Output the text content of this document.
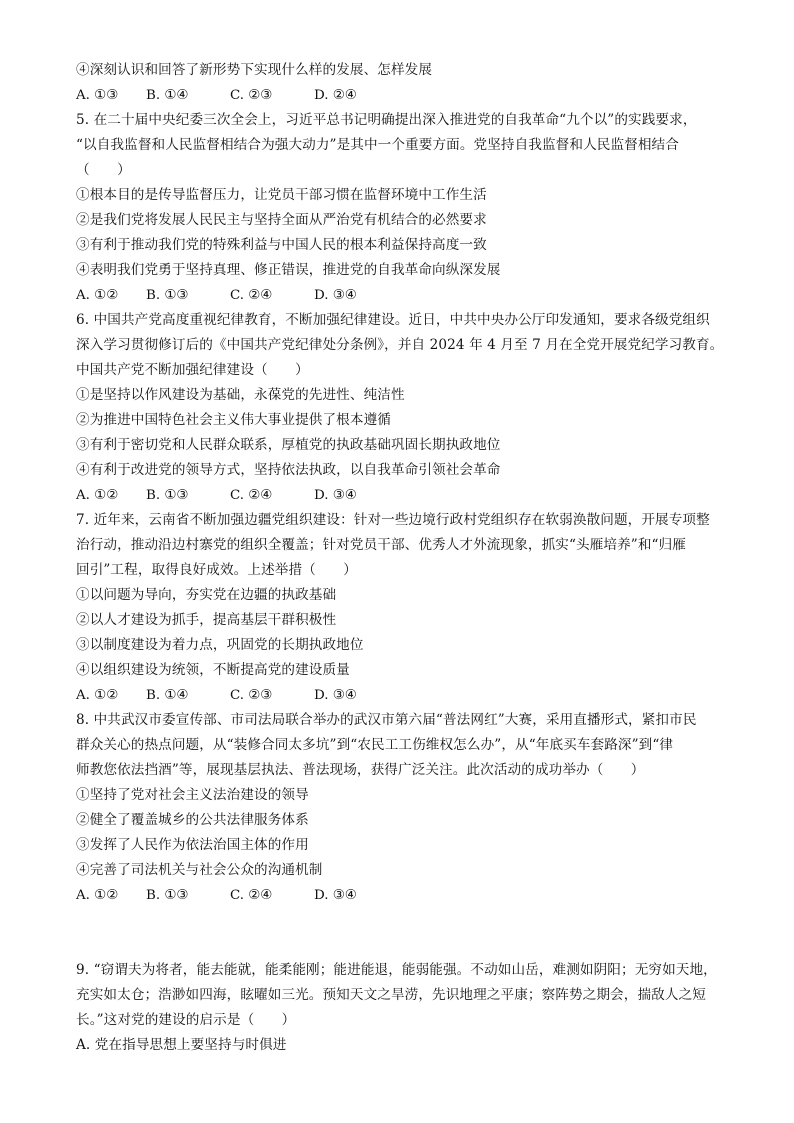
④深刻认识和回答了新形势下实现什么样的发展、怎样发展
A. ①③ B. ①④	C. ②③	D. ②④
5. 在二十届中央纪委三次全会上，习近平总书记明确提出深入推进党的自我革命“九个以”的实践要求，
“以自我监督和人民监督相结合为强大动力”是其中一个重要方面。党坚持自我监督和人民监督相结合
（　　）
①根本目的是传导监督压力，让党员干部习惯在监督环境中工作生活
②是我们党将发展人民民主与坚持全面从严治党有机结合的必然要求
③有利于推动我们党的特殊利益与中国人民的根本利益保持高度一致
④表明我们党勇于坚持真理、修正错误，推进党的自我革命向纵深发展
A. ①② B. ①③	C. ②④	D. ③④
6. 中国共产党高度重视纪律教育，不断加强纪律建设。近日，中共中央办公厅印发通知，要求各级党组织
深入学习贯彻修订后的《中国共产党纪律处分条例》，并自 2024 年 4 月至 7 月在全党开展党纪学习教育。
中国共产党不断加强纪律建设（　　）
①是坚持以作风建设为基础，永葆党的先进性、纯洁性
②为推进中国特色社会主义伟大事业提供了根本遵循
③有利于密切党和人民群众联系，厚植党的执政基础巩固长期执政地位
④有利于改进党的领导方式，坚持依法执政，以自我革命引领社会革命
A. ①② B. ①③	C. ②④	D. ③④
7. 近年来，云南省不断加强边疆党组织建设：针对一些边境行政村党组织存在软弱涣散问题，开展专项整
治行动，推动沿边村寨党的组织全覆盖；针对党员干部、优秀人才外流现象，抓实“头雁培养”和“归雁
回引”工程，取得良好成效。上述举措（　　）
①以问题为导向，夯实党在边疆的执政基础
②以人才建设为抓手，提高基层干群积极性
③以制度建设为着力点，巩固党的长期执政地位
④以组织建设为统领，不断提高党的建设质量
A. ①② B. ①④	C. ②③	D. ③④
8. 中共武汉市委宣传部、市司法局联合举办的武汉市第六届“普法网红”大赛，采用直播形式，紧扣市民
群众关心的热点问题，从“装修合同太多坑”到“农民工工伤维权怎么办”，从“年底买车套路深”到“律
师教您依法挡酒”等，展现基层执法、普法现场，获得广泛关注。此次活动的成功举办（　　）
①坚持了党对社会主义法治建设的领导
②健全了覆盖城乡的公共法律服务体系
③发挥了人民作为依法治国主体的作用
④完善了司法机关与社会公众的沟通机制
A. ①② B. ①③	C. ②④	D. ③④
9. “窃谓夫为将者，能去能就，能柔能刚；能进能退，能弱能强。不动如山岳，难测如阴阳；无穷如天地，
充实如太仓；浩渺如四海，眩曜如三光。预知天文之旱涝，先识地理之平康；察阵势之期会，揣敌人之短
长。”这对党的建设的启示是（　　）
A. 党在指导思想上要坚持与时俱进
